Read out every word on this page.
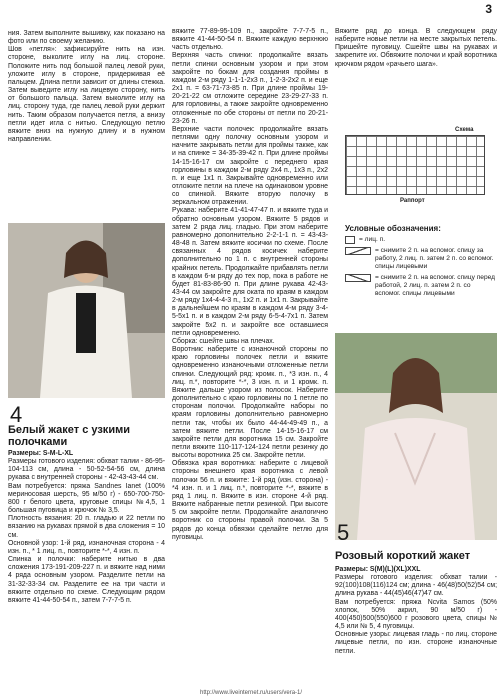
3

ния. Затем выполните вышивку, как показано на фото или по своему желанию.

Шов «петля»: зафиксируйте нить на изн. стороне, выколите иглу на лиц. стороне. Положите нить под большой палец левой руки, уложите иглу в стороне, придерживая её пальцем. Длина петли зависит от длины стежка. Затем выведите иглу на лицевую сторону, нить от большого пальца. Затем выколите иглу на лиц. сторону туда, где палец левой руки держит нить. Таким образом получается петля, а внизу петли идет игла с нитью. Следующую петлю вяжите вниз на нужную длину и в нужном направлении.

4
Белый жакет с узкими полочками

Размеры: S-M-L-XL

Размеры готового изделия: обхват талии - 86-95-104-113 см, длина - 50-52-54-56 см, длина рукава с внутренней стороны - 42-43-43-44 см.

Вам потребуется: пряжа Sandnes Ianet (100% мериносовая шерсть, 95 м/50 г) - 650-700-750-800 г белого цвета, круговые спицы №4,5, 1 большая пуговица и крючок № 3,5.

Плотность вязания: 20 п. гладью и 22 петли по вязанию на рукавах прямой в два сложения = 10 см.

Основной узор: 1-й ряд, изнаночная сторона - 4 изн. п., * 1 лиц. п., повторите *-*, 4 изн. п.

Спинка и полочки: наберите нитью в два сложения 173-191-209-227 п. и вяжите над ними 4 ряда основным узором. Разделите петли на 31-32-33-34 см. Разделите ее на три части и вяжите отдельно по схеме. Следующим рядом вяжите 41-44-50-54 п., затем 7-7-7-5 п.

вяжите 77-89-95-109 п., закройте 7-7-7-5 п., вяжите 41-44-50-54 п. Вяжите каждую верхнюю часть отдельно.

Верхняя часть спинки: продолжайте вязать петли спинки основным узором и при этом закройте по бокам для создания проймы в каждом 2-м ряду 1-1-1-2х3 п., 1-2-3-2х2 п. и еще 2х1 п. = 63-71-73-85 п. При длине проймы 19-20-21-22 см отложите середине 23-29-27-33 п. для горловины, а также закройте одновременно отложенные по обе стороны от петли по 20-21-23-26 п.

Верхние части полочек: продолжайте вязать петлями одну полочку основным узором и начните закрывать петли для проймы также, как и на спинке = 34-35-39-42 п. При длине проймы 14-15-16-17 см закройте с переднего края горловины в каждом 2-м ряду 2х4 п., 1х3 п., 2х2 п. и еще 1х1 п. Закрывайте одновременно или отложите петли на плече на одинаковом уровне со спинкой. Вяжите вторую полочку в зеркальном отражении.

Рукава: наберите 41-41-47-47 п. и вяжите туда и обратно основным узором. Вяжите 5 рядов и затем 2 ряда лиц. гладью. При этом наберите равномерно дополнительно 2-2-1-1 п. = 43-43-48-48 п. Затем вяжите косички по схеме. После связанных 4 рядов косичек наберите дополнительно по 1 п. с внутренней стороны крайних петель. Продолжайте прибавлять петли в каждом 6-м ряду до тех пор, пока в работе не будет 81-83-86-90 п. При длине рукава 42-43-43-44 см закройте для оката по краям в каждом 2-м ряду 1х4-4-4-3 п., 1х2 п. и 1х1 п. Закрывайте в дальнейшем по краям в каждом 4-м ряду 3-4-5-5х1 п. и в каждом 2-м ряду 6-5-4-7х1 п. Затем закройте 5х2 п. и закройте все оставшиеся петли одновременно.

Сборка: сшейте швы на плечах.

Воротник: наберите с изнаночной стороны по краю горловины полочек петли и вяжите одновременно изнаночными отложенные петли спинки. Следующий ряд: кромк. п., *3 изн. п., 4 лиц. п.*, повторите *-*, 3 изн. п. и 1 кромк. п. Вяжите дальше узором из полосок. Наберите дополнительно с краю горловины по 1 петле по сторонам полочки. Продолжайте наборы по краям горловины дополнительно равномерно петли так, чтобы их было 44-44-49-49 п., а затем вяжите петли. После 14-15-16-17 см закройте петли для воротника 15 см. Закройте петли вяжите 110-117-124-124 петли резинку до высоты воротника 25 см. Закройте петли.

Обвязка края воротника: наберите с лицевой стороны внешнего края воротника с левой полочки 56 п. и вяжите: 1-й ряд (изн. сторона) - *4 изн. п. и 1 лиц. п.*, повторите *-*, вяжите в ряд 1 лиц. п. Вяжите в изн. стороне 4-й ряд. Вяжите набранные петли резинкой. При высоте 5 см закройте петли. Продолжайте аналогично воротник со стороны правой полочки. За 5 рядов до конца обвязки сделайте петлю для пуговицы.

Вяжите ряд до конца. В следующем ряду наберите новые петли на месте закрытых петель. Пришейте пуговицу. Сшейте швы на рукавах и закрепите их. Обвяжите полочки и край воротника крючком рядом «рачьего шага».

Схема
Раппорт
Условные обозначения:
= лиц. п.
= снимите 2 п. на вспомог. спицу за работу, 2 лиц. п. затем 2 п. со вспомог. спицы лицевыми
= снимите 2 п. на вспомог. спицу перед работой, 2 лиц. п. затем 2 п. со вспомог. спицы лицевыми
5
Розовый короткий жакет

Размеры: S(M)(L)(XL)XXL

Размеры готового изделия: обхват талии - 92(100)108(116)124 см; длина - 46(48)50(52)54 см; длина рукава - 44(45)46(47)47 см.

Вам потребуется: пряжа Ncvita Samos (50% хлопок, 50% акрил, 90 м/50 г) - 400(450)500(550)600 г розового цвета, спицы № 4,5 или № 5, 4 пуговицы.

Основные узоры: лицевая гладь - по лиц. стороне лицевые петли, по изн. стороне изнаночные петли.

http://www.liveinternet.ru/users/vera-1/
